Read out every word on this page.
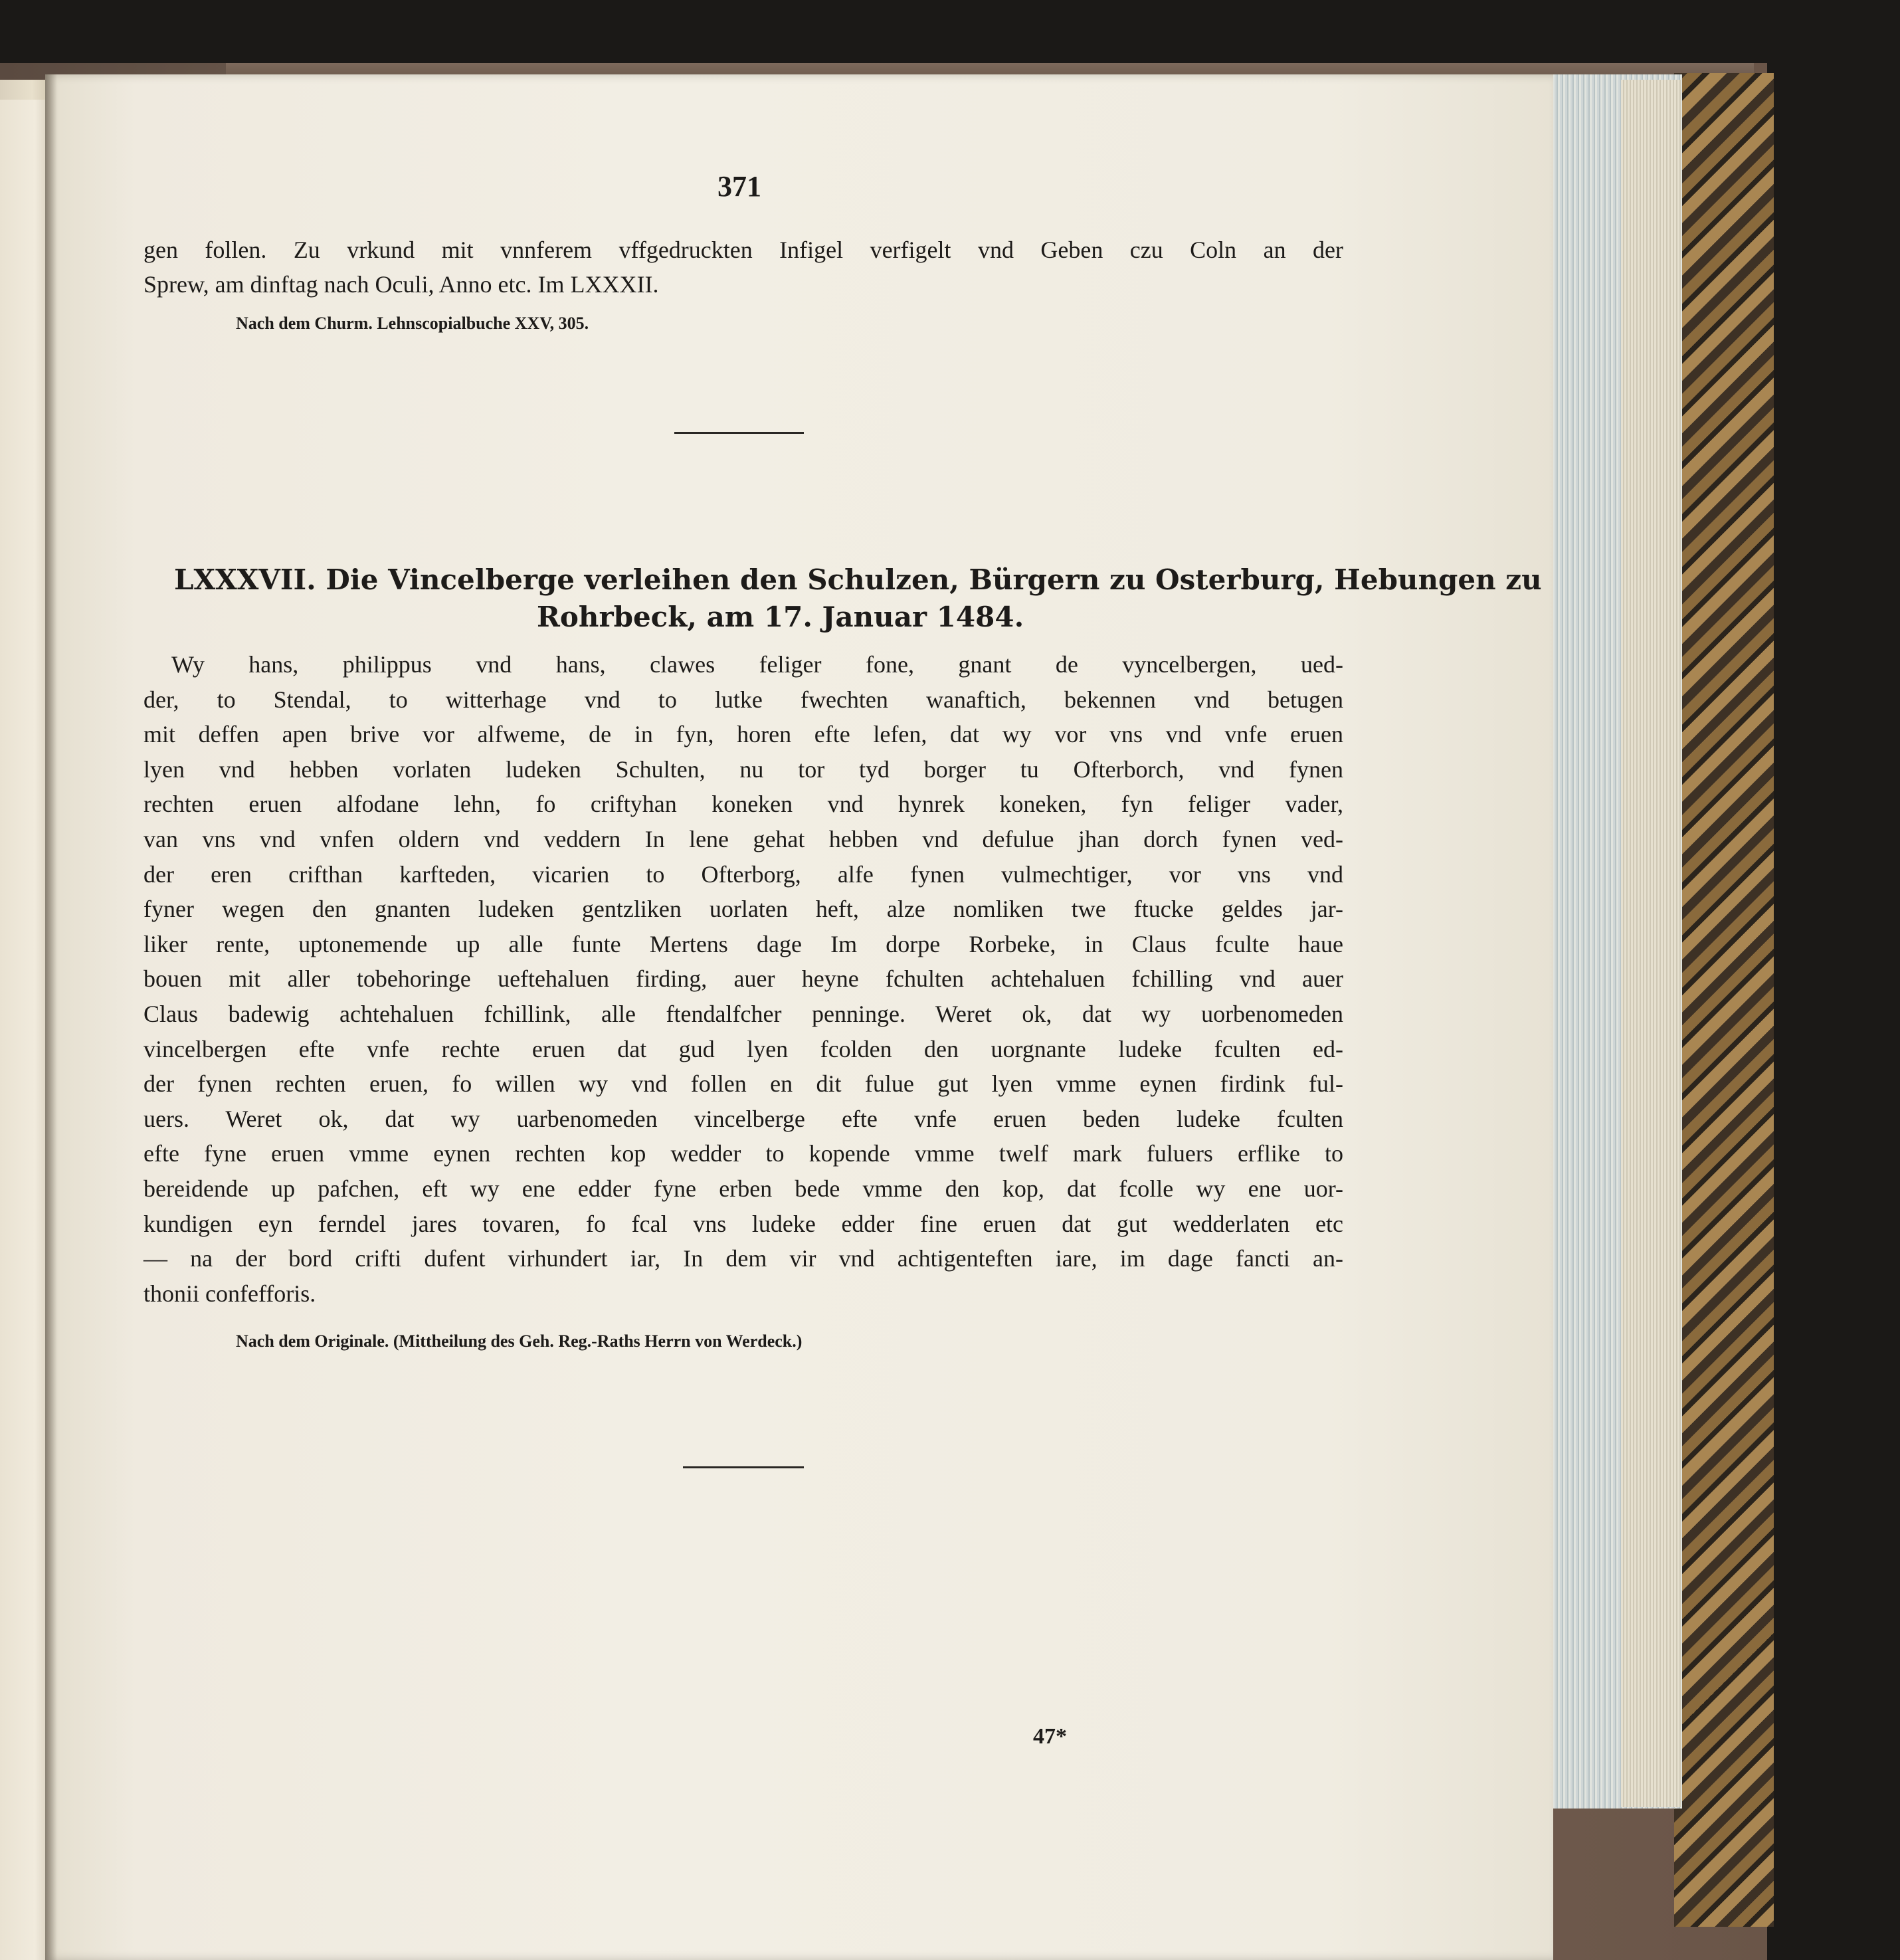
371
gen follen. Zu vrkund mit vnnferem vffgedruckten Infigel verfigelt vnd Geben czu Coln an der
Sprew, am dinftag nach Oculi, Anno etc. Im LXXXII.
Nach dem Churm. Lehnscopialbuche XXV, 305.
LXXXVII. Die Vincelberge verleihen den Schulzen, Bürgern zu Osterburg, Hebungen zu
Rohrbeck, am 17. Januar 1484.
Wy hans, philippus vnd hans, clawes feliger fone, gnant de vyncelbergen, ued-
der, to Stendal, to witterhage vnd to lutke fwechten wanaftich, bekennen vnd betugen
mit deffen apen brive vor alfweme, de in fyn, horen efte lefen, dat wy vor vns vnd vnfe eruen
lyen vnd hebben vorlaten ludeken Schulten, nu tor tyd borger tu Ofterborch, vnd fynen
rechten eruen alfodane lehn, fo criftyhan koneken vnd hynrek koneken, fyn feliger vader,
van vns vnd vnfen oldern vnd veddern In lene gehat hebben vnd defulue jhan dorch fynen ved-
der eren crifthan karfteden, vicarien to Ofterborg, alfe fynen vulmechtiger, vor vns vnd
fyner wegen den gnanten ludeken gentzliken uorlaten heft, alze nomliken twe ftucke geldes jar-
liker rente, uptonemende up alle funte Mertens dage Im dorpe Rorbeke, in Claus fculte haue
bouen mit aller tobehoringe ueftehaluen firding, auer heyne fchulten achtehaluen fchilling vnd auer
Claus badewig achtehaluen fchillink, alle ftendalfcher penninge. Weret ok, dat wy uorbenomeden
vincelbergen efte vnfe rechte eruen dat gud lyen fcolden den uorgnante ludeke fculten ed-
der fynen rechten eruen, fo willen wy vnd follen en dit fulue gut lyen vmme eynen firdink ful-
uers. Weret ok, dat wy uarbenomeden vincelberge efte vnfe eruen beden ludeke fculten
efte fyne eruen vmme eynen rechten kop wedder to kopende vmme twelf mark fuluers erflike to
bereidende up pafchen, eft wy ene edder fyne erben bede vmme den kop, dat fcolle wy ene uor-
kundigen eyn ferndel jares tovaren, fo fcal vns ludeke edder fine eruen dat gut wedderlaten etc
— na der bord crifti dufent virhundert iar, In dem vir vnd achtigenteften iare, im dage fancti an-
thonii confefforis.
Nach dem Originale. (Mittheilung des Geh. Reg.-Raths Herrn von Werdeck.)
47*
